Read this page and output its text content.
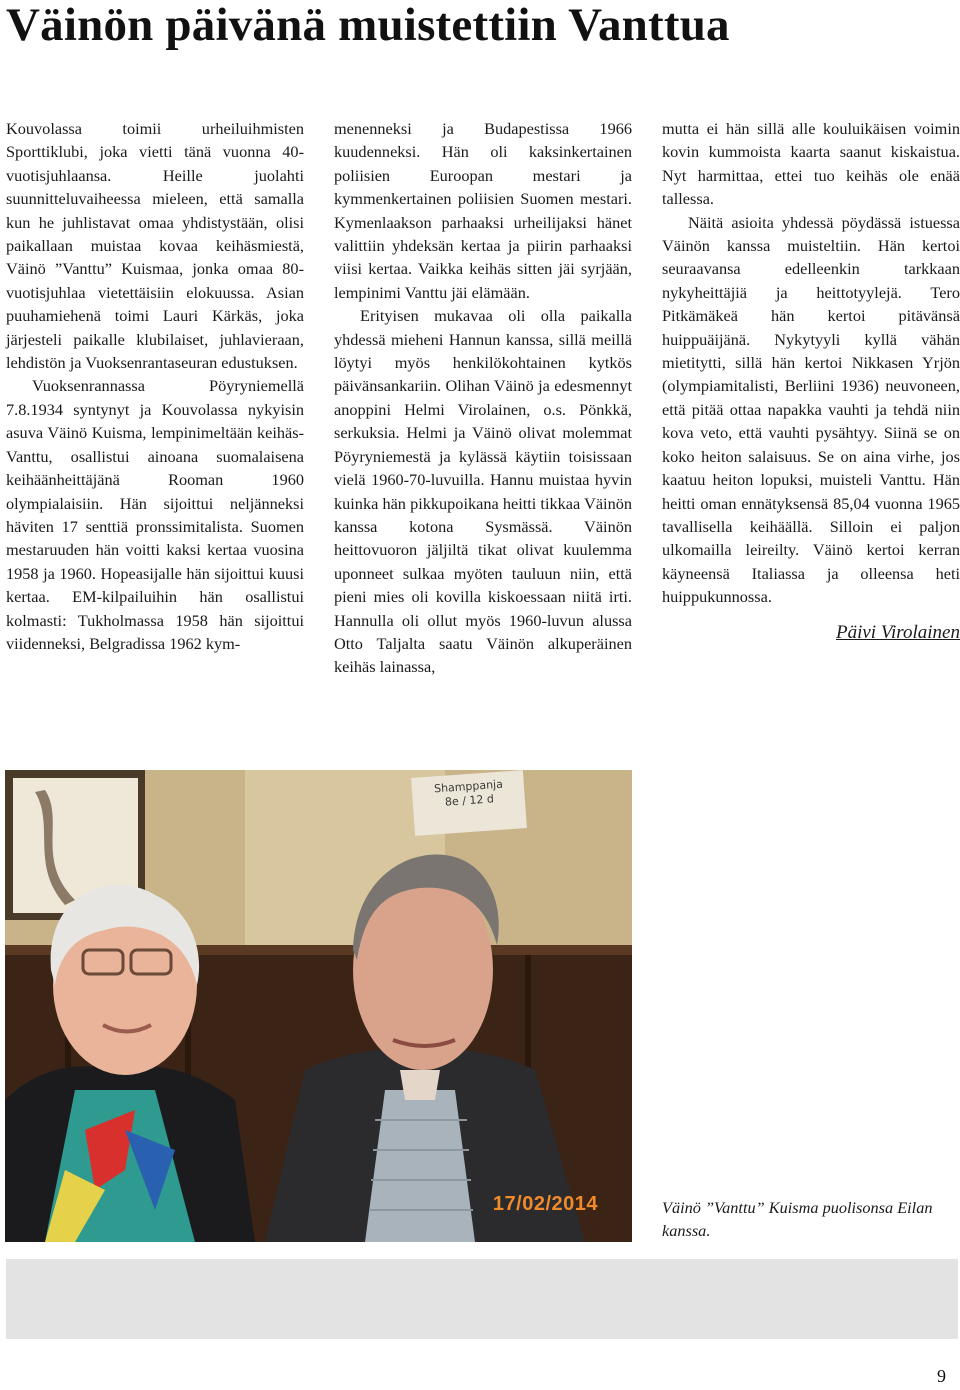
Väinön päivänä muistettiin Vanttua

Kouvolassa toimii urheiluihmisten Sporttiklubi, joka vietti tänä vuonna 40-vuotisjuhlaansa. Heille juolahti suunnitteluvaiheessa mieleen, että samalla kun he juhlistavat omaa yhdistystään, olisi paikallaan muistaa kovaa keihäsmiestä, Väinö ”Vanttu” Kuismaa, jonka omaa 80-vuotisjuhlaa vietettäisiin elokuussa. Asian puuhamiehenä toimi Lauri Kärkäs, joka järjesteli paikalle klubilaiset, juhlavieraan, lehdistön ja Vuoksenrantaseuran edustuksen.

Vuoksenrannassa Pöyryniemellä 7.8.1934 syntynyt ja Kouvolassa nykyisin asuva Väinö Kuisma, lempinimeltään keihäs-Vanttu, osallistui ainoana suomalaisena keihäänheittäjänä Rooman 1960 olympialaisiin. Hän sijoittui neljänneksi häviten 17 senttiä pronssimitalista. Suomen mestaruuden hän voitti kaksi kertaa vuosina 1958 ja 1960. Hopeasijalle hän sijoittui kuusi kertaa. EM-kilpailuihin hän osallistui kolmasti: Tukholmassa 1958 hän sijoittui viidenneksi, Belgradissa 1962 kym-

menenneksi ja Budapestissa 1966 kuudenneksi. Hän oli kaksinkertainen poliisien Euroopan mestari ja kymmenkertainen poliisien Suomen mestari. Kymenlaakson parhaaksi urheilijaksi hänet valittiin yhdeksän kertaa ja piirin parhaaksi viisi kertaa. Vaikka keihäs sitten jäi syrjään, lempinimi Vanttu jäi elämään.

Erityisen mukavaa oli olla paikalla yhdessä mieheni Hannun kanssa, sillä meillä löytyi myös henkilökohtainen kytkös päivänsankariin. Olihan Väinö ja edesmennyt anoppini Helmi Virolainen, o.s. Pönkkä, serkuksia. Helmi ja Väinö olivat molemmat Pöyryniemestä ja kylässä käytiin toisissaan vielä 1960-70-luvuilla. Hannu muistaa hyvin kuinka hän pikkupoikana heitti tikkaa Väinön kanssa kotona Sysmässä. Väinön heittovuoron jäljiltä tikat olivat kuulemma uponneet sulkaa myöten tauluun niin, että pieni mies oli kovilla kiskoessaan niitä irti. Hannulla oli ollut myös 1960-luvun alussa Otto Taljalta saatu Väinön alkuperäinen keihäs lainassa,

mutta ei hän sillä alle kouluikäisen voimin kovin kummoista kaarta saanut kiskaistua. Nyt harmittaa, ettei tuo keihäs ole enää tallessa.

Näitä asioita yhdessä pöydässä istuessa Väinön kanssa muisteltiin. Hän kertoi seuraavansa edelleenkin tarkkaan nykyheittäjiä ja heittotyylejä. Tero Pitkämäkeä hän kertoi pitävänsä huippuäijänä. Nykytyyli kyllä vähän mietitytti, sillä hän kertoi Nikkasen Yrjön (olympiamitalisti, Berliini 1936) neuvoneen, että pitää ottaa napakka vauhti ja tehdä niin kova veto, että vauhti pysähtyy. Siinä se on koko heiton salaisuus. Se on aina virhe, jos kaatuu heiton lopuksi, muisteli Vanttu. Hän heitti oman ennätyksensä 85,04 vuonna 1965 tavallisella keihäällä. Silloin ei paljon ulkomailla leireilty. Väinö kertoi kerran käyneensä Italiassa ja olleensa heti huippukunnossa.

Päivi Virolainen

Shamppanja 8e / 12 d
17/02/2014	Väinö ”Vanttu” Kuisma puolisonsa Eilan kanssa.
9
